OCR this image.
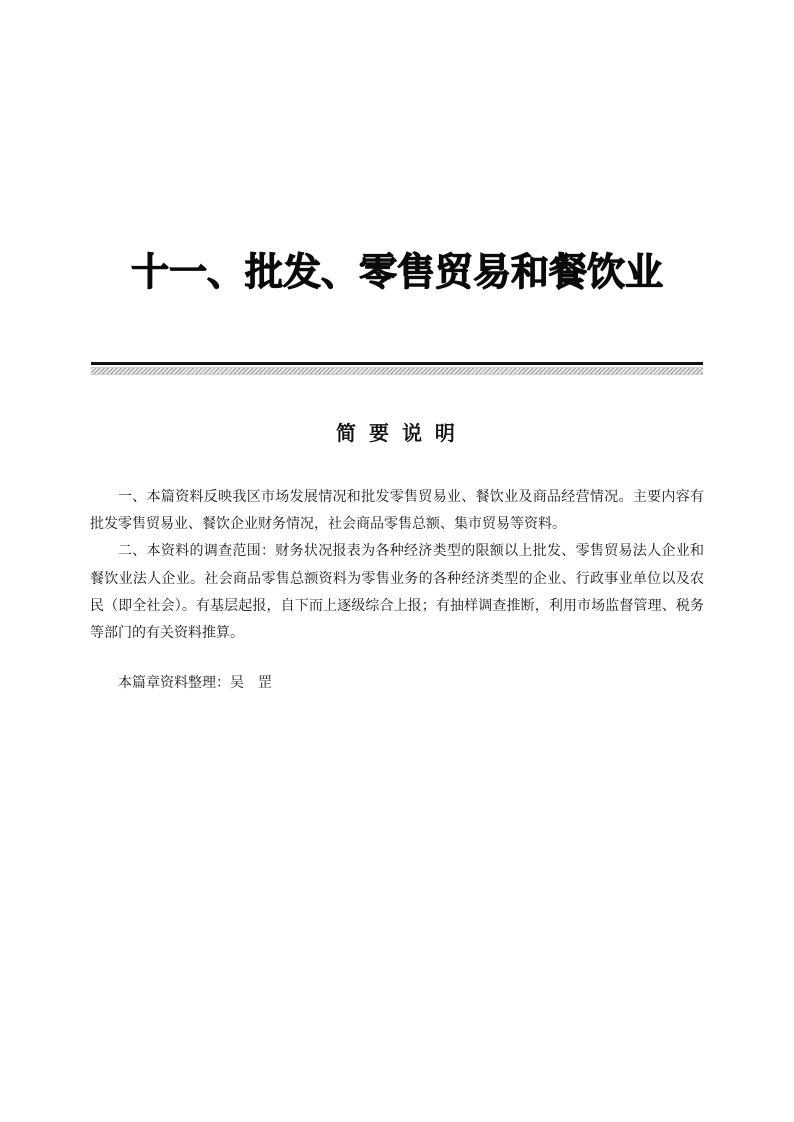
十一、批发、零售贸易和餐饮业
简 要 说 明

一、本篇资料反映我区市场发展情况和批发零售贸易业、餐饮业及商品经营情况。主要内容有批发零售贸易业、餐饮企业财务情况，社会商品零售总额、集市贸易等资料。

二、本资料的调查范围：财务状况报表为各种经济类型的限额以上批发、零售贸易法人企业和餐饮业法人企业。社会商品零售总额资料为零售业务的各种经济类型的企业、行政事业单位以及农民（即全社会）。有基层起报，自下而上逐级综合上报；有抽样调查推断，利用市场监督管理、税务等部门的有关资料推算。

本篇章资料整理：吴　罡
